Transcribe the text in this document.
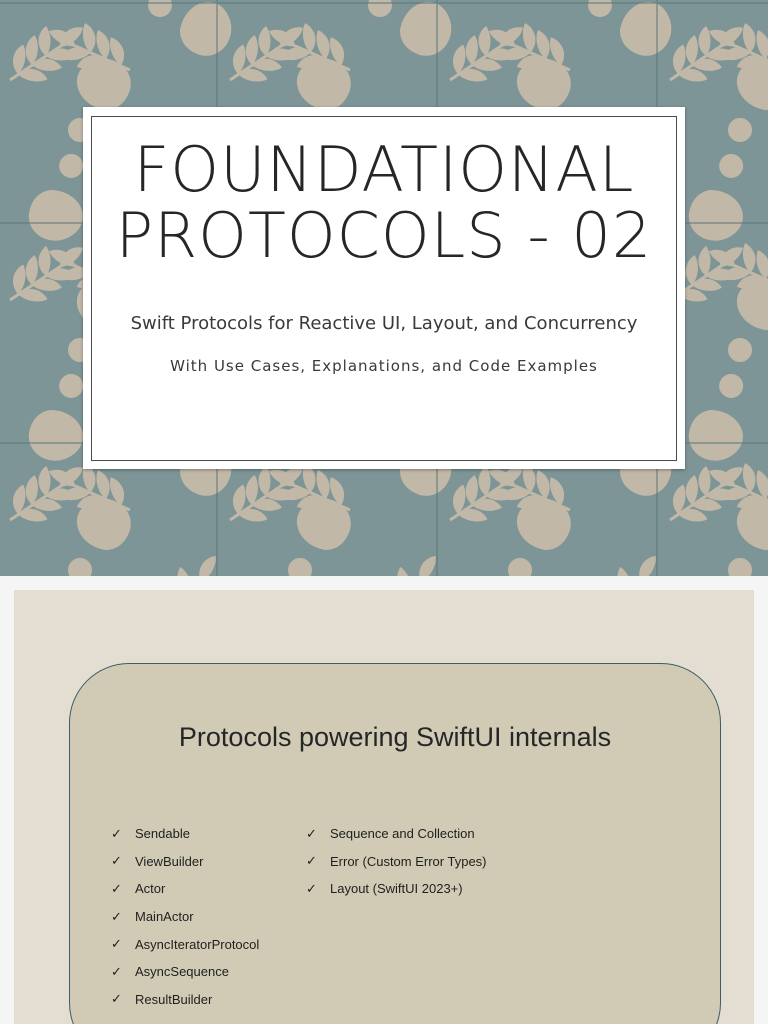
FOUNDATIONAL
PROTOCOLS - 02
Swift Protocols for Reactive UI, Layout, and Concurrency
With Use Cases, Explanations, and Code Examples
Protocols powering SwiftUI internals
✓	Sendable
✓	ViewBuilder
✓	Actor
✓	MainActor
✓	AsyncIteratorProtocol
✓	AsyncSequence
✓	ResultBuilder
✓	Sequence and Collection
✓	Error (Custom Error Types)
✓	Layout (SwiftUI 2023+)
